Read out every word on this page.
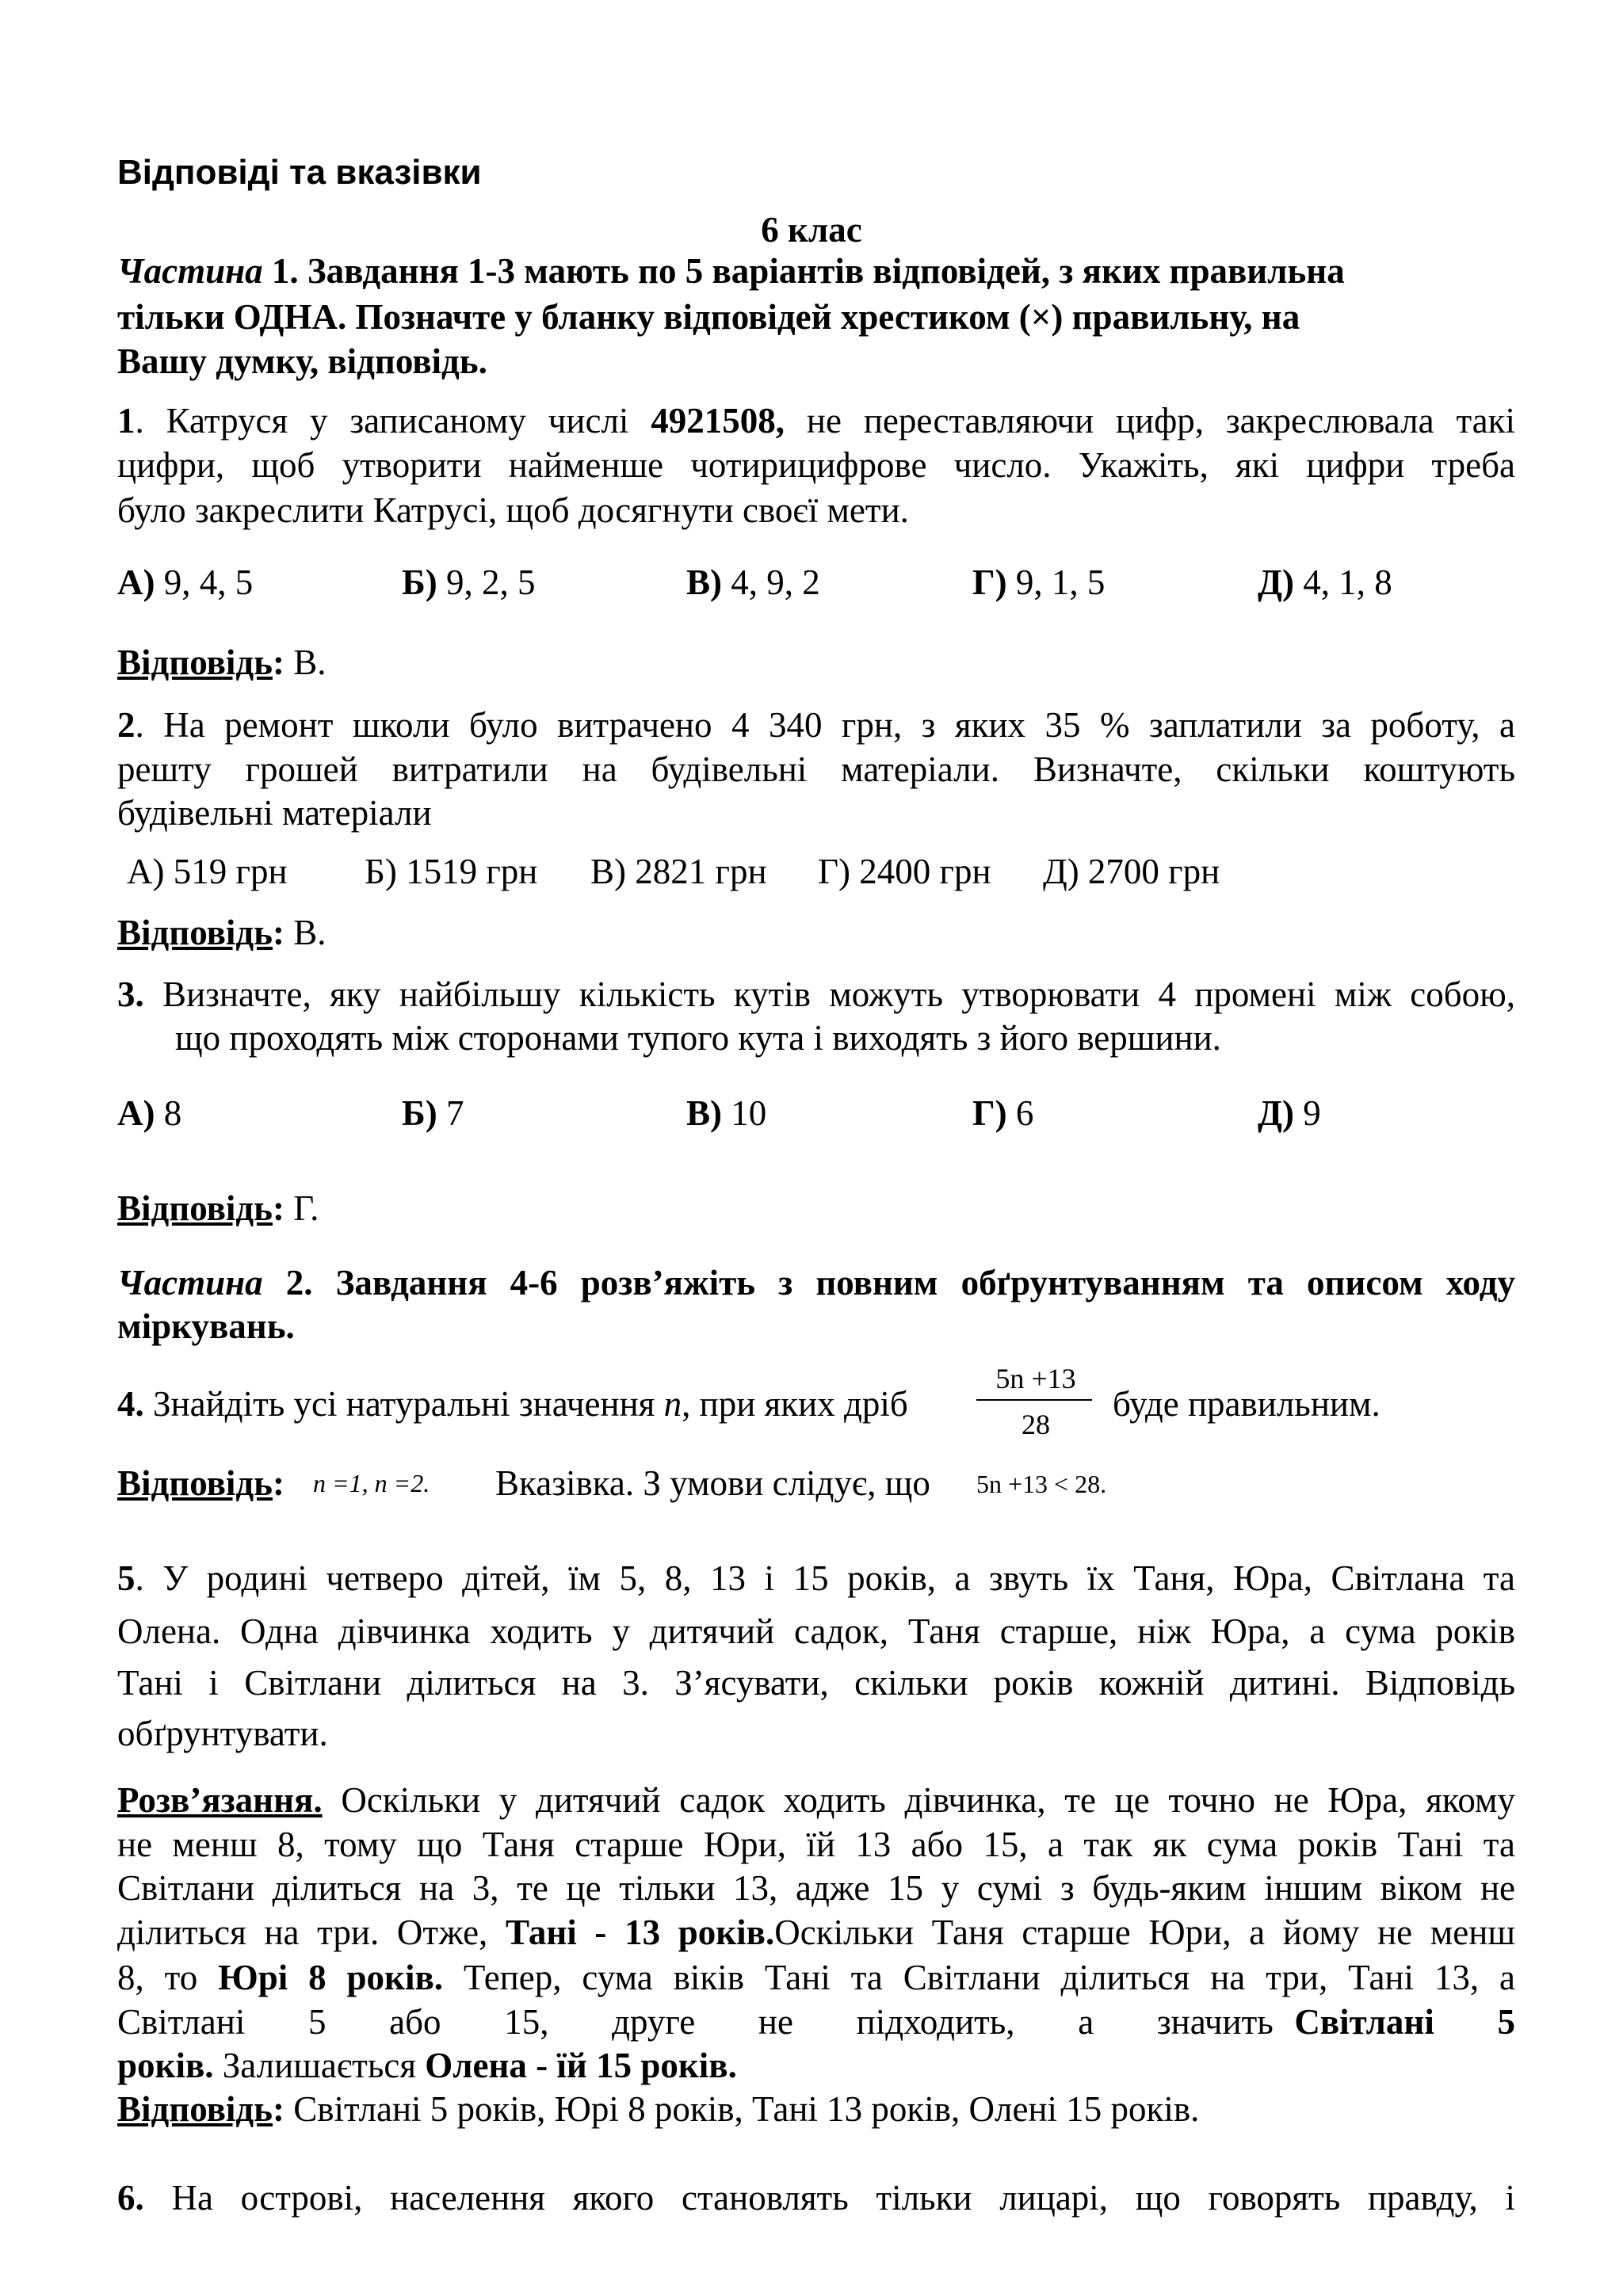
Відповіді та вказівки
6 клас
Частина 1. Завдання 1-3 мають по 5 варіантів відповідей, з яких правильна
тільки ОДНА. Позначте у бланку відповідей хрестиком (×) правильну, на
Вашу думку, відповідь.
1. Катруся у записаному числі 4921508, не переставляючи цифр, закреслювала такі
цифри, щоб утворити найменше чотирицифрове число. Укажіть, які цифри треба
було закреслити Катрусі, щоб досягнути своєї мети.
А) 9, 4, 5	Б) 9, 2, 5	В) 4, 9, 2	Г) 9, 1, 5	Д) 4, 1, 8
Відповідь: В.
2. На ремонт школи було витрачено 4 340 грн, з яких 35 % заплатили за роботу, а
решту грошей витратили на будівельні матеріали. Визначте, скільки коштують
будівельні матеріали
А) 519 грн Б) 1519 грн В) 2821 грн Г) 2400 грн Д) 2700 грн
Відповідь: В.
3. Визначте, яку найбільшу кількість кутів можуть утворювати 4 промені між собою,
що проходять між сторонами тупого кута і виходять з його вершини.
А) 8	Б) 7	В) 10	Г) 6	Д) 9
Відповідь: Г.
Частина 2. Завдання 4-6 розв’яжіть з повним обґрунтуванням та описом ходу
міркувань.
4. Знайдіть усі натуральні значення n, при яких дріб
5n +13
28
буде правильним.
Відповідь: n =1, n =2. Вказівка. З умови слідує, що 5n +13 < 28.
5. У родині четверо дітей, їм 5, 8, 13 і 15 років, а звуть їх Таня, Юра, Світлана та
Олена. Одна дівчинка ходить у дитячий садок, Таня старше, ніж Юра, а сума років
Тані і Світлани ділиться на 3. З’ясувати, скільки років кожній дитині. Відповідь
обґрунтувати.
Розв’язання. Оскільки у дитячий садок ходить дівчинка, те це точно не Юра, якому
не менш 8, тому що Таня старше Юри, їй 13 або 15, а так як сума років Тані та
Світлани ділиться на 3, те це тільки 13, адже 15 у сумі з будь-яким іншим віком не
ділиться на три. Отже, Тані - 13 років.Оскільки Таня старше Юри, а йому не менш
8, то Юрі 8 років. Тепер, сума віків Тані та Світлани ділиться на три, Тані 13, а
Світлані   5   або   15,   друге   не   підходить,   а   значить Світлані   5
років. Залишається Олена - їй 15 років.
Відповідь: Світлані 5 років, Юрі 8 років, Тані 13 років, Олені 15 років.
6. На острові, населення якого становлять тільки лицарі, що говорять правду, і
